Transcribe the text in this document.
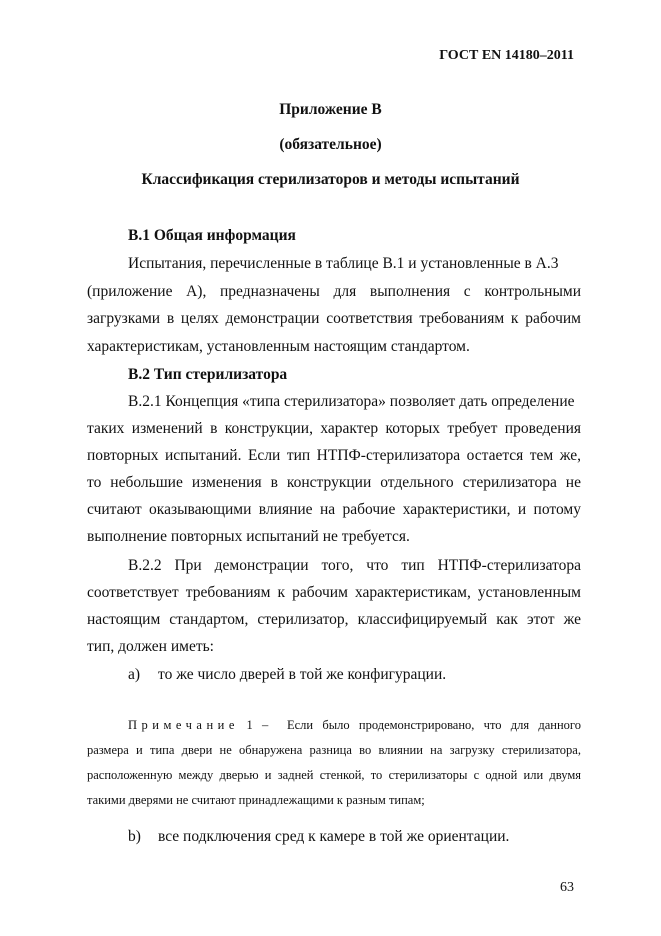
ГОСТ EN 14180–2011
Приложение В
(обязательное)
Классификация стерилизаторов и методы испытаний
В.1 Общая информация
Испытания, перечисленные в таблице В.1 и установленные в А.3
(приложение А), предназначены для выполнения с контрольными
загрузками в целях демонстрации соответствия требованиям к рабочим
характеристикам, установленным настоящим стандартом.
В.2 Тип стерилизатора
В.2.1 Концепция «типа стерилизатора» позволяет дать определение
таких изменений в конструкции, характер которых требует проведения
повторных испытаний. Если тип НТПФ-стерилизатора остается тем же,
то небольшие изменения в конструкции отдельного стерилизатора не
считают оказывающими влияние на рабочие характеристики, и потому
выполнение повторных испытаний не требуется.
В.2.2 При демонстрации того, что тип НТПФ-стерилизатора
соответствует требованиям к рабочим характеристикам, установленным
настоящим стандартом, стерилизатор, классифицируемый как этот же
тип, должен иметь:
а) то же число дверей в той же конфигурации.
Примечание 1 – Если было продемонстрировано, что для данного
размера и типа двери не обнаружена разница во влиянии на загрузку стерилизатора,
расположенную между дверью и задней стенкой, то стерилизаторы с одной или двумя
такими дверями не считают принадлежащими к разным типам;
b) все подключения сред к камере в той же ориентации.
63
